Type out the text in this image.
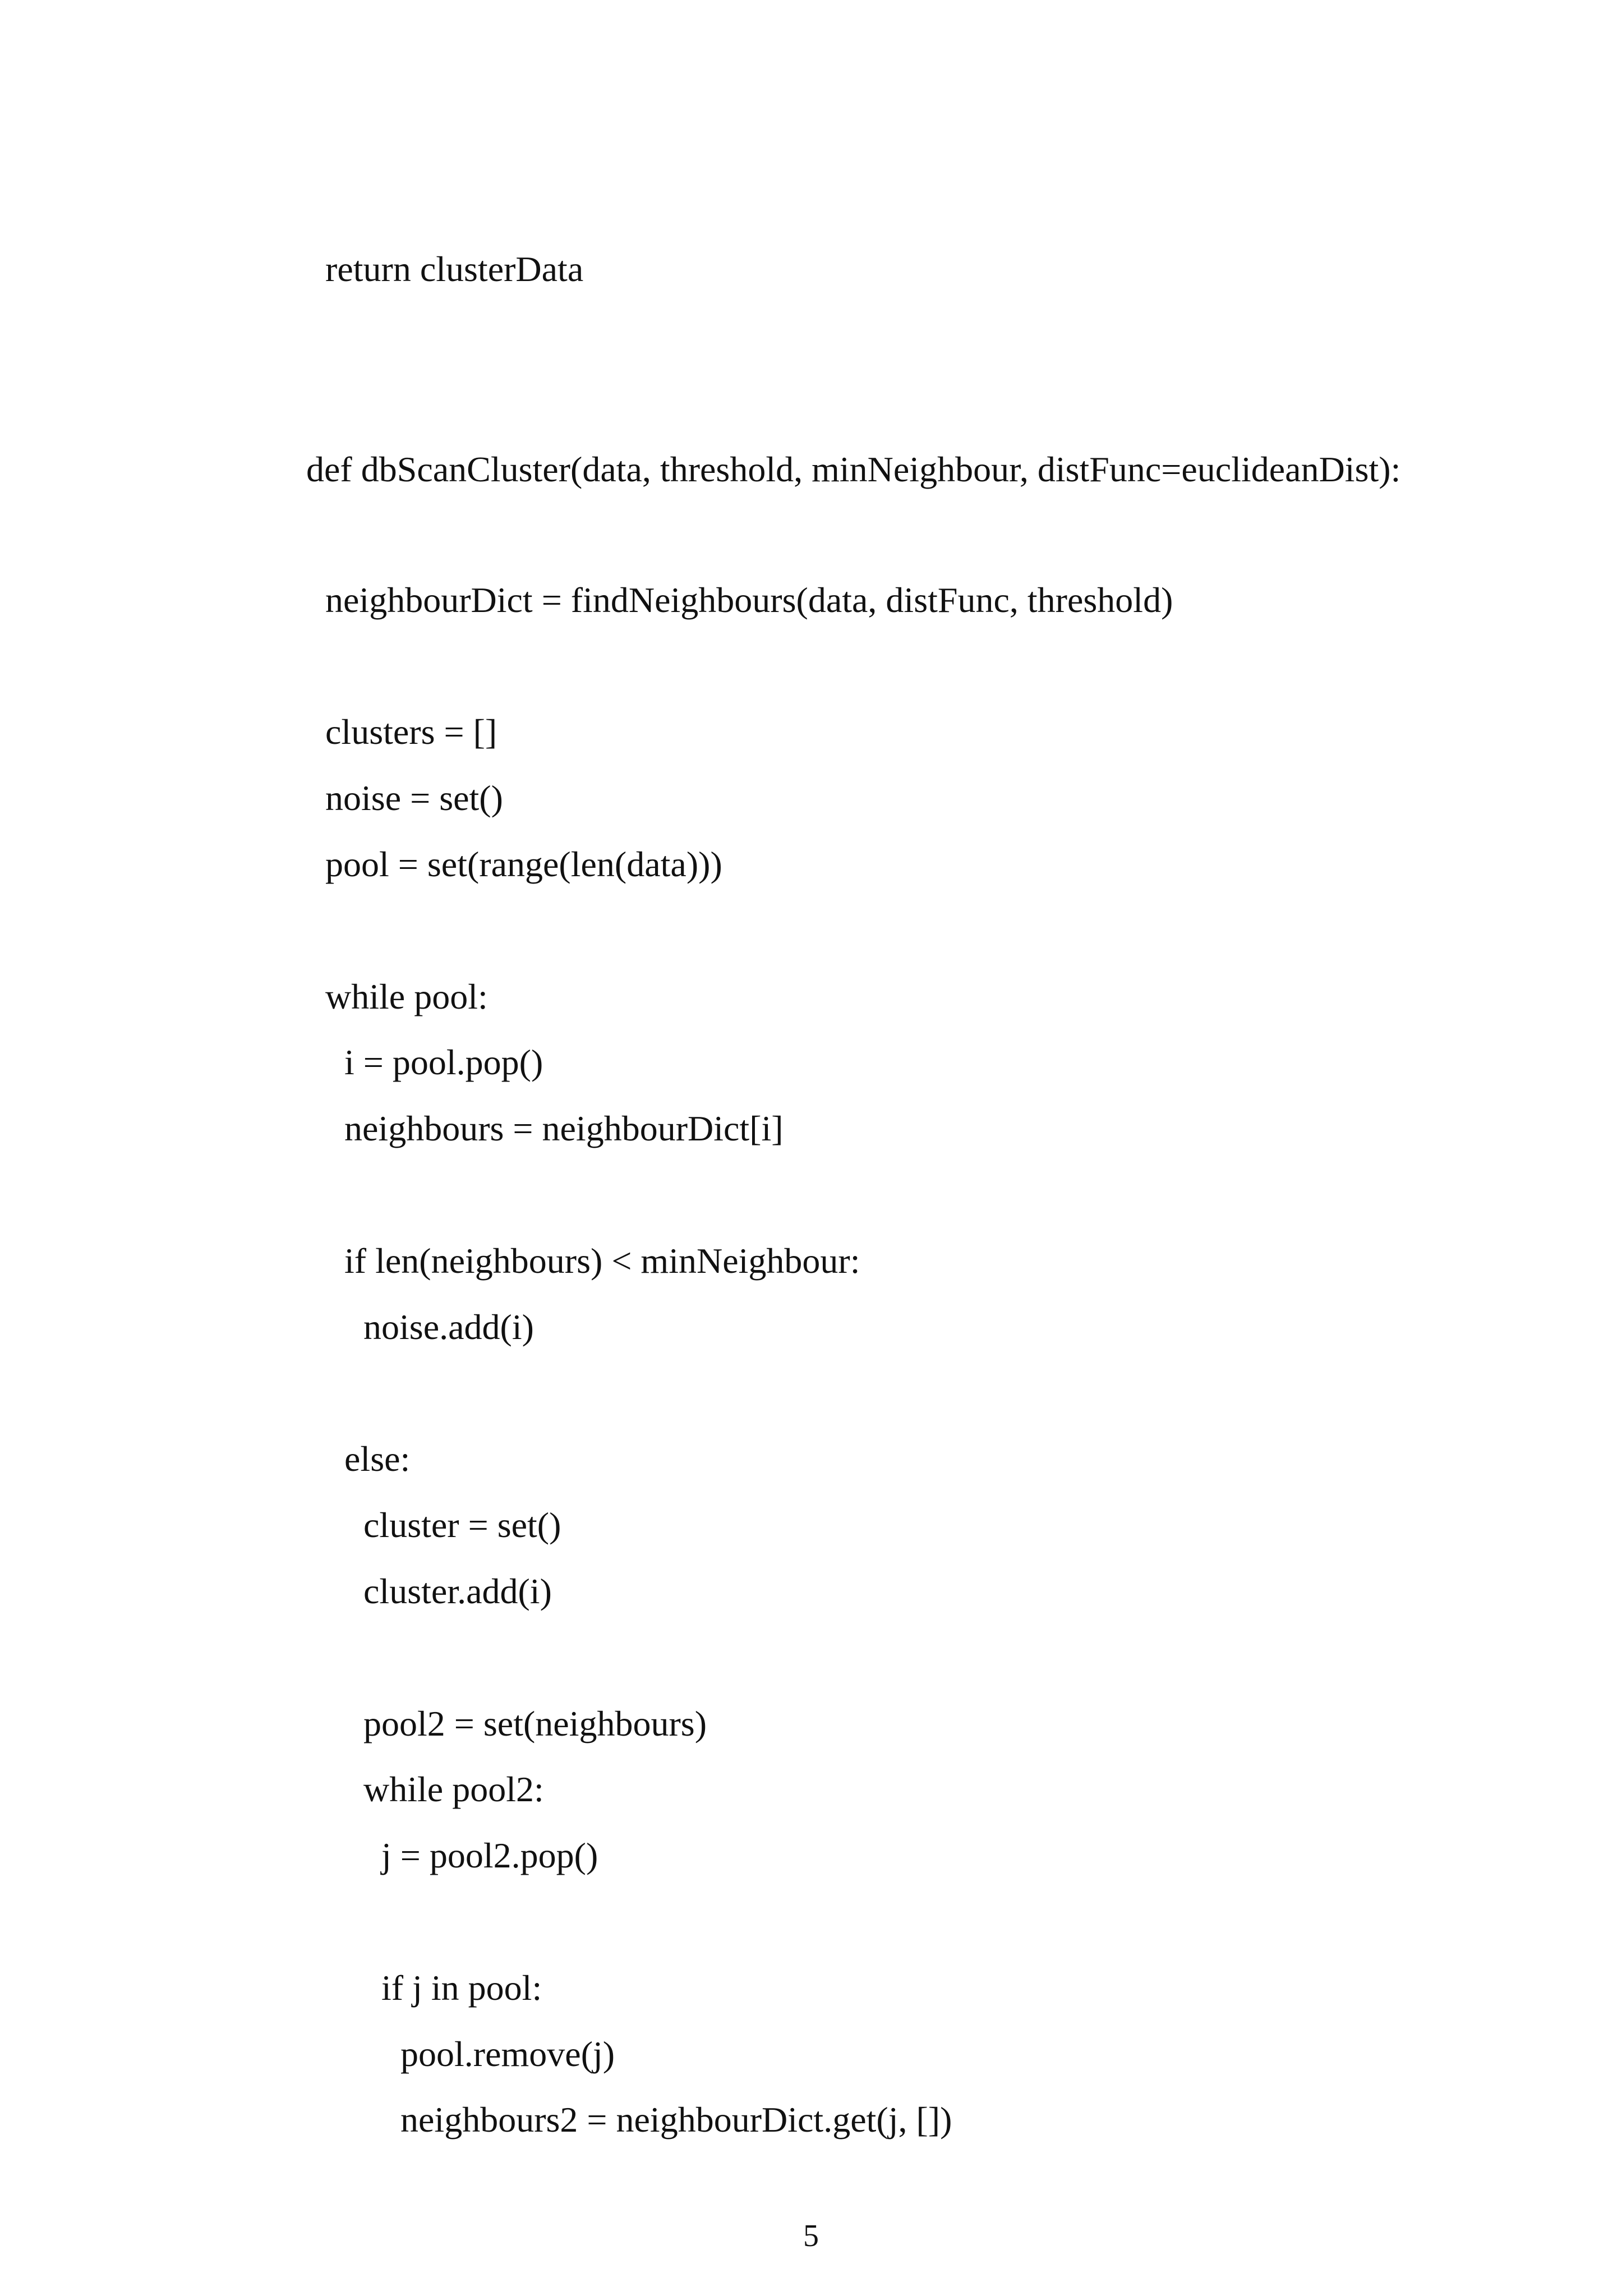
return clusterData

def dbScanCluster(data, threshold, minNeighbour, distFunc=euclideanDist):

neighbourDict = findNeighbours(data, distFunc, threshold)

clusters = []

noise = set()

pool = set(range(len(data)))

while pool:

i = pool.pop()

neighbours = neighbourDict[i]

if len(neighbours) < minNeighbour:

noise.add(i)

else:

cluster = set()

cluster.add(i)

pool2 = set(neighbours)

while pool2:

j = pool2.pop()

if j in pool:

pool.remove(j)

neighbours2 = neighbourDict.get(j, [])

5
